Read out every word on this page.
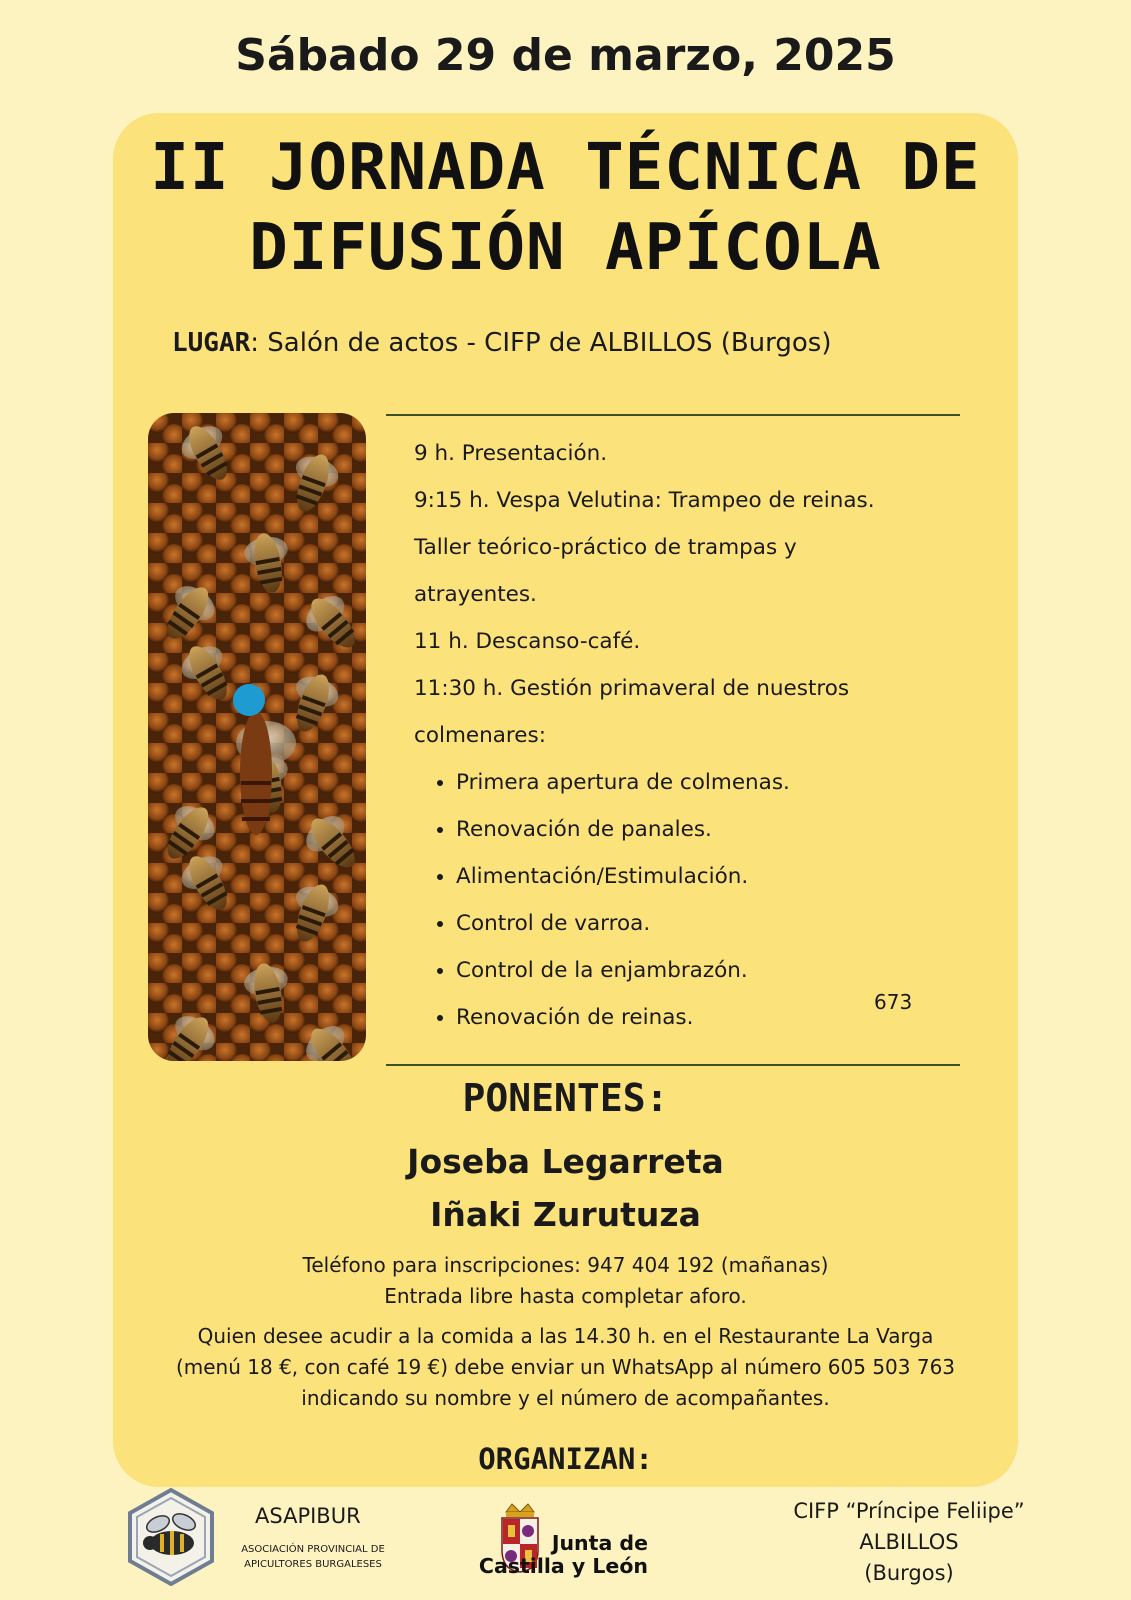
Sábado 29 de marzo, 2025
II JORNADA TÉCNICA DE
DIFUSIÓN APÍCOLA
LUGAR: Salón de actos - CIFP de ALBILLOS (Burgos)
9 h. Presentación.
9:15 h. Vespa Velutina: Trampeo de reinas.
Taller teórico-práctico de trampas y
atrayentes.
11 h. Descanso-café.
11:30 h. Gestión primaveral de nuestros
colmenares:
• Primera apertura de colmenas.
• Renovación de panales.
• Alimentación/Estimulación.
• Control de varroa.
• Control de la enjambrazón.
• Renovación de reinas.
673
PONENTES:
Joseba Legarreta
Iñaki Zurutuza
Teléfono para inscripciones: 947 404 192 (mañanas)
Entrada libre hasta completar aforo.
Quien desee acudir a la comida a las 14.30 h. en el Restaurante La Varga
(menú 18 €, con café 19 €) debe enviar un WhatsApp al número 605 503 763
indicando su nombre y el número de acompañantes.
ORGANIZAN:
ASAPIBUR
ASOCIACIÓN PROVINCIAL DE
APICULTORES BURGALESES
Junta de
Castilla y León
CIFP “Príncipe Feliipe”
ALBILLOS
(Burgos)
